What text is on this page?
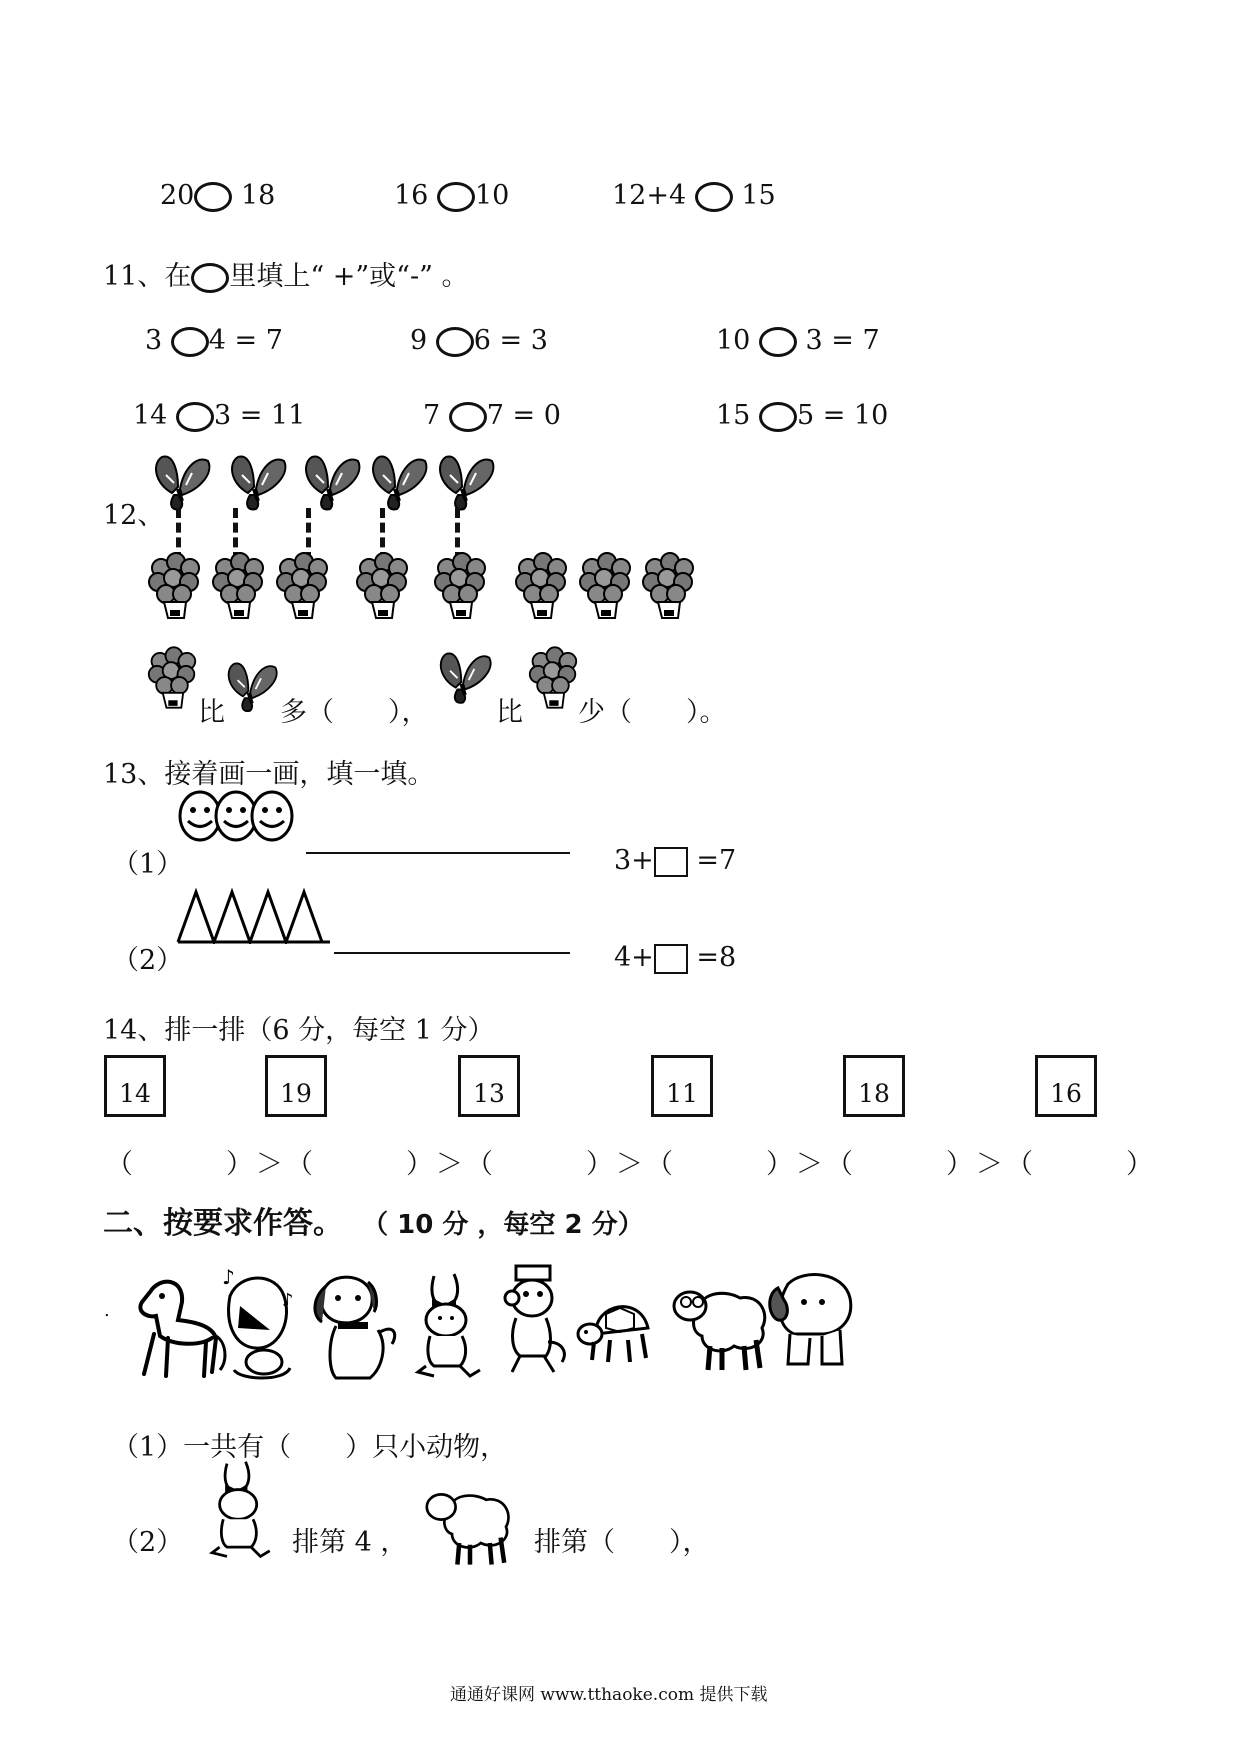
20 18	16 10	12+4 15
11、在 里填上“ +”或“-” 。
3 4 = 7	9 6 = 3	10 3 = 7
14 3 = 11	7 7 = 0	15 5 = 10
12、
比 多（　　），	比 少（　　）。
13、接着画一画，填一填。
（1）	3+ =7
（2）	4+ =8
14、排一排（6 分，每空 1 分）
14	19	13	11	18	16
（　　　）＞（　　　）＞（　　　）＞（　　　）＞（　　　）＞（　　　）
二、按要求作答。 （ 10 分 ，每空 2 分）
.
♪
♪
（1）一共有（　　）只小动物，
（2）	排第 4 ，	排第（　　），
通通好课网 www.tthaoke.com 提供下载
